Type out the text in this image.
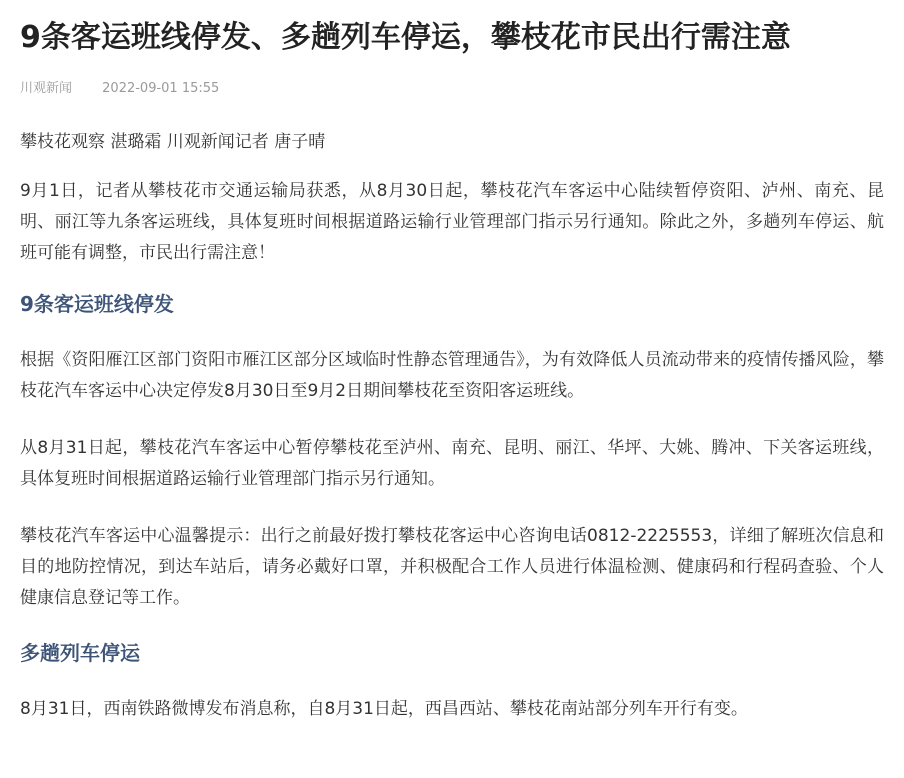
9条客运班线停发、多趟列车停运，攀枝花市民出行需注意
川观新闻 2022-09-01 15:55

攀枝花观察 湛璐霜 川观新闻记者 唐子晴

9月1日，记者从攀枝花市交通运输局获悉，从8月30日起，攀枝花汽车客运中心陆续暂停资阳、泸州、南充、昆明、丽江等九条客运班线，具体复班时间根据道路运输行业管理部门指示另行通知。除此之外，多趟列车停运、航班可能有调整，市民出行需注意！

9条客运班线停发

根据《资阳雁江区部门资阳市雁江区部分区域临时性静态管理通告》，为有效降低人员流动带来的疫情传播风险，攀枝花汽车客运中心决定停发8月30日至9月2日期间攀枝花至资阳客运班线。

从8月31日起，攀枝花汽车客运中心暂停攀枝花至泸州、南充、昆明、丽江、华坪、大姚、腾冲、下关客运班线，具体复班时间根据道路运输行业管理部门指示另行通知。

攀枝花汽车客运中心温馨提示：出行之前最好拨打攀枝花客运中心咨询电话0812-2225553，详细了解班次信息和目的地防控情况，到达车站后，请务必戴好口罩，并积极配合工作人员进行体温检测、健康码和行程码查验、个人健康信息登记等工作。

多趟列车停运

8月31日，西南铁路微博发布消息称，自8月31日起，西昌西站、攀枝花南站部分列车开行有变。
